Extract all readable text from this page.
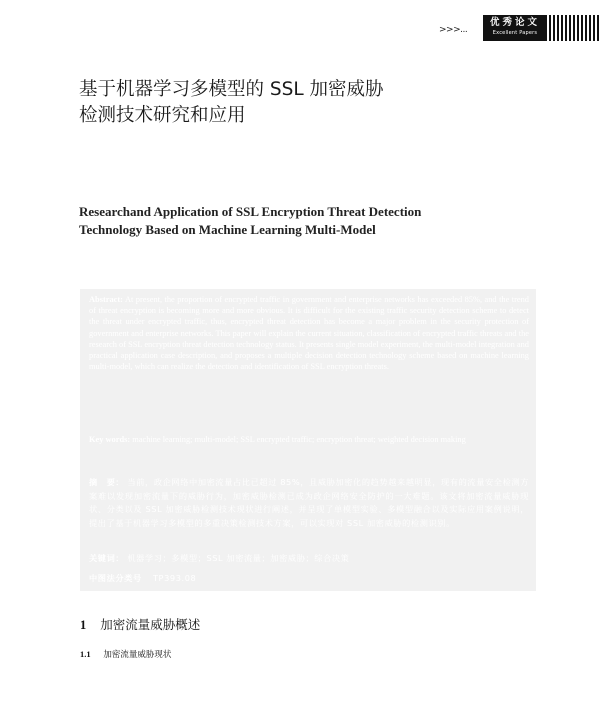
>>>...
优秀论文
Excellent Papers
基于机器学习多模型的 SSL 加密威胁
检测技术研究和应用
Researchand Application of SSL Encryption Threat Detection
Technology Based on Machine Learning Multi-Model
Abstract: At present, the proportion of encrypted traffic in government and enterprise networks has exceeded 85%, and the trend of threat encryption is becoming more and more obvious. It is difficult for the existing traffic security detection scheme to detect the threat under encrypted traffic, thus, encrypted threat detection has become a major problem in the security protection of government and enterprise networks. This paper will explain the current situation, classification of encrypted traffic threats and the research of SSL encryption threat detection technology status. It presents single model experiment, the multi-model integration and practical application case description, and proposes a multiple decision detection technology scheme based on machine learning multi-model, which can realize the detection and identification of SSL encryption threats.
Key words: machine learning; multi-model; SSL encrypted traffic; encryption threat; weighted decision making
摘　要： 当前，政企网络中加密流量占比已超过 85%，且威胁加密化的趋势越来越明显，现有的流量安全检测方案难以发现加密流量下的威胁行为，加密威胁检测已成为政企网络安全防护的一大难题。该文将加密流量威胁现状、分类以及 SSL 加密威胁检测技术现状进行阐述，并呈现了单模型实验、多模型融合以及实际应用案例说明，提出了基于机器学习多模型的多重决策检测技术方案，可以实现对 SSL 加密威胁的检测识别。
关键词： 机器学习；多模型；SSL 加密流量；加密威胁；综合决策
中图法分类号 TP393.08
1 加密流量威胁概述
1.1 加密流量威胁现状
